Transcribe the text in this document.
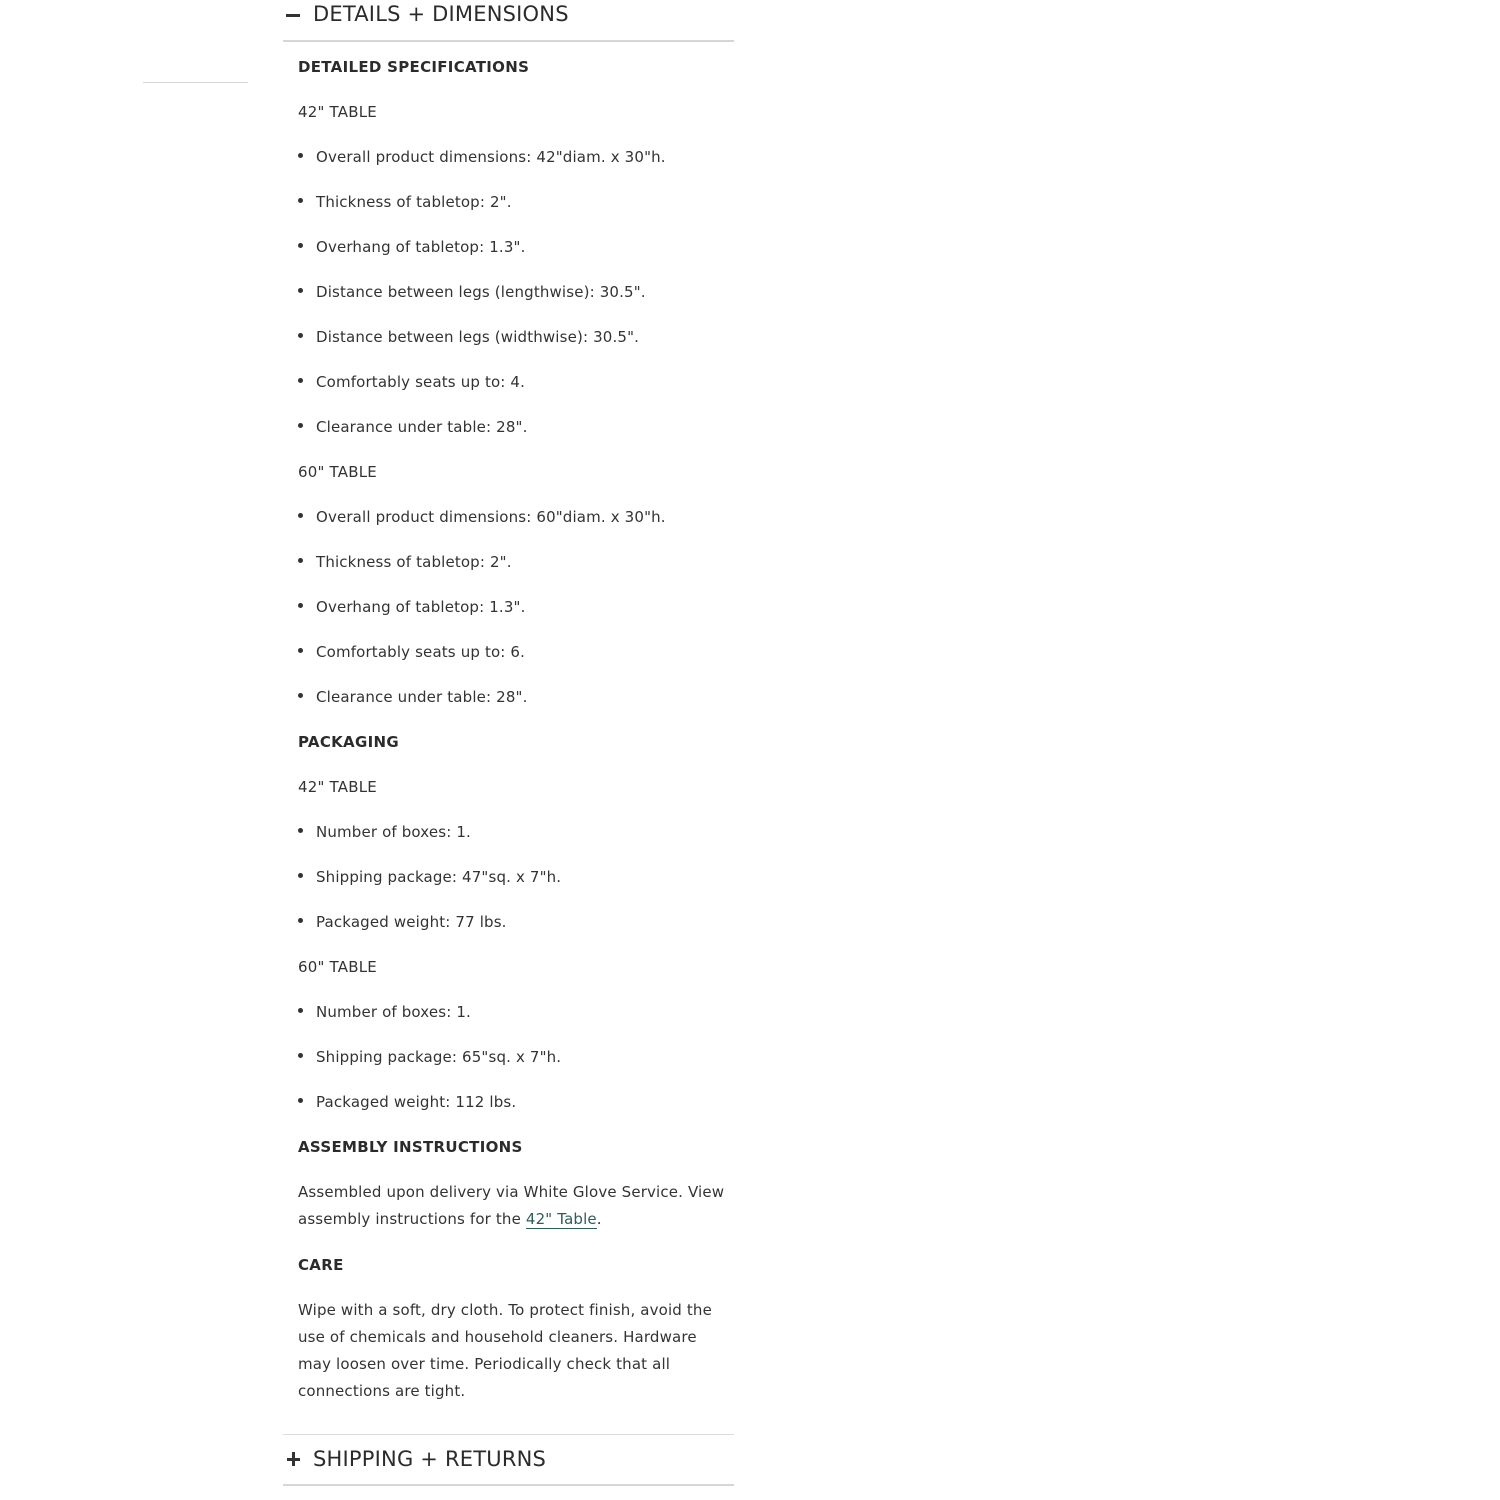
DETAILS + DIMENSIONS
DETAILED SPECIFICATIONS
42" TABLE
Overall product dimensions: 42"diam. x 30"h.
Thickness of tabletop: 2".
Overhang of tabletop: 1.3".
Distance between legs (lengthwise): 30.5".
Distance between legs (widthwise): 30.5".
Comfortably seats up to: 4.
Clearance under table: 28".
60" TABLE
Overall product dimensions: 60"diam. x 30"h.
Thickness of tabletop: 2".
Overhang of tabletop: 1.3".
Comfortably seats up to: 6.
Clearance under table: 28".
PACKAGING
42" TABLE
Number of boxes: 1.
Shipping package: 47"sq. x 7"h.
Packaged weight: 77 lbs.
60" TABLE
Number of boxes: 1.
Shipping package: 65"sq. x 7"h.
Packaged weight: 112 lbs.
ASSEMBLY INSTRUCTIONS
Assembled upon delivery via White Glove Service. View assembly instructions for the 42" Table.
CARE
Wipe with a soft, dry cloth. To protect finish, avoid the use of chemicals and household cleaners. Hardware may loosen over time. Periodically check that all connections are tight.
SHIPPING + RETURNS
